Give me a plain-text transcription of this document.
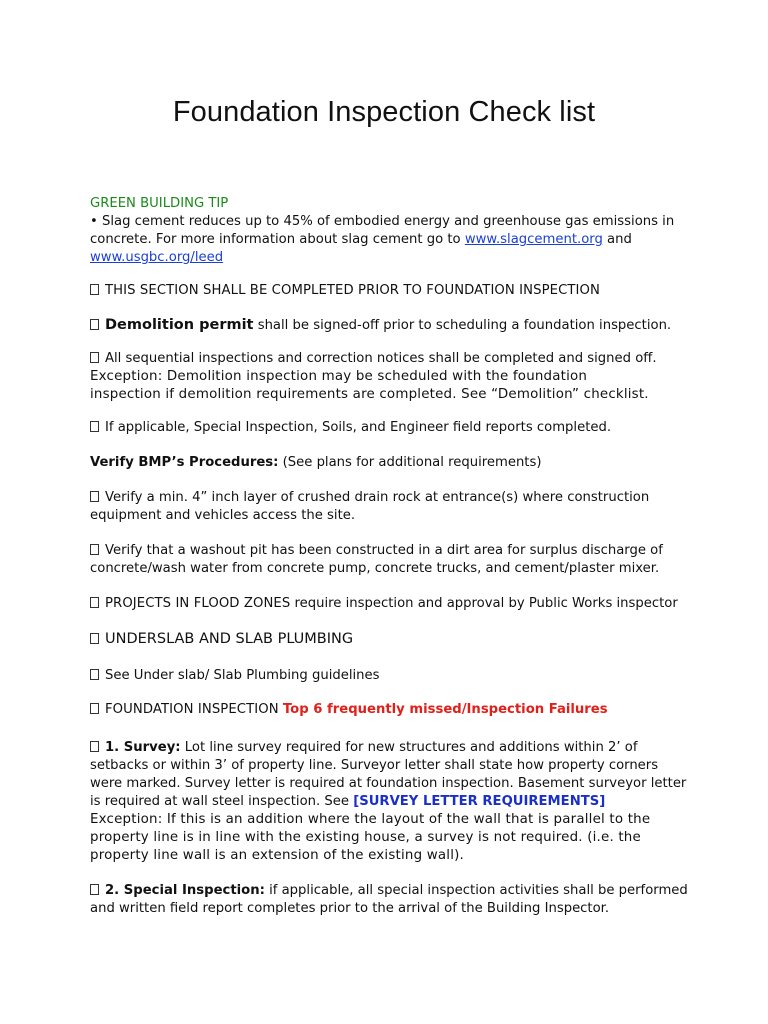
Foundation Inspection Check list
GREEN BUILDING TIP
• Slag cement reduces up to 45% of embodied energy and greenhouse gas emissions in concrete. For more information about slag cement go to www.slagcement.org and
www.usgbc.org/leed
THIS SECTION SHALL BE COMPLETED PRIOR TO FOUNDATION INSPECTION
Demolition permit shall be signed-off prior to scheduling a foundation inspection.
All sequential inspections and correction notices shall be completed and signed off.
Exception: Demolition inspection may be scheduled with the foundation inspection if demolition requirements are completed. See “Demolition” checklist.
If applicable, Special Inspection, Soils, and Engineer field reports completed.
Verify BMP’s Procedures: (See plans for additional requirements)
Verify a min. 4” inch layer of crushed drain rock at entrance(s) where construction equipment and vehicles access the site.
Verify that a washout pit has been constructed in a dirt area for surplus discharge of concrete/wash water from concrete pump, concrete trucks, and cement/plaster mixer.
PROJECTS IN FLOOD ZONES require inspection and approval by Public Works inspector
UNDERSLAB AND SLAB PLUMBING
See Under slab/ Slab Plumbing guidelines
FOUNDATION INSPECTION Top 6 frequently missed/Inspection Failures
1. Survey: Lot line survey required for new structures and additions within 2’ of setbacks or within 3’ of property line. Surveyor letter shall state how property corners were marked. Survey letter is required at foundation inspection. Basement surveyor letter is required at wall steel inspection. See [SURVEY LETTER REQUIREMENTS]
Exception: If this is an addition where the layout of the wall that is parallel to the property line is in line with the existing house, a survey is not required. (i.e. the property line wall is an extension of the existing wall).
2. Special Inspection: if applicable, all special inspection activities shall be performed and written field report completes prior to the arrival of the Building Inspector.
